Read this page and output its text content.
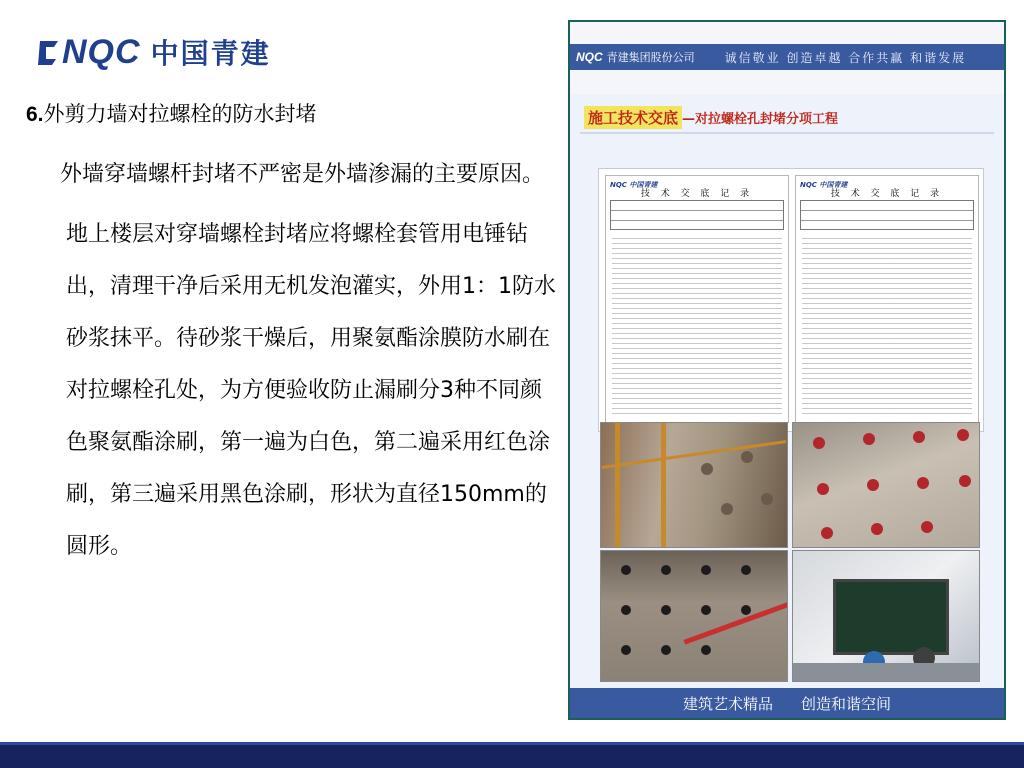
NQC 中国青建

6.外剪力墙对拉螺栓的防水封堵

外墙穿墙螺杆封堵不严密是外墙渗漏的主要原因。

地上楼层对穿墙螺栓封堵应将螺栓套管用电锤钻出，清理干净后采用无机发泡灌实，外用1：1防水砂浆抹平。待砂浆干燥后，用聚氨酯涂膜防水刷在对拉螺栓孔处，为方便验收防止漏刷分3种不同颜色聚氨酯涂刷，第一遍为白色，第二遍采用红色涂刷，第三遍采用黑色涂刷，形状为直径150mm的圆形。

NQC 青建集团股份公司	诚信敬业 创造卓越 合作共赢 和谐发展
施工技术交底 —对拉螺栓孔封堵分项工程
NQC 中国青建
技 术 交 底 记 录
NQC 中国青建
技 术 交 底 记 录
建筑艺术精品 创造和谐空间
